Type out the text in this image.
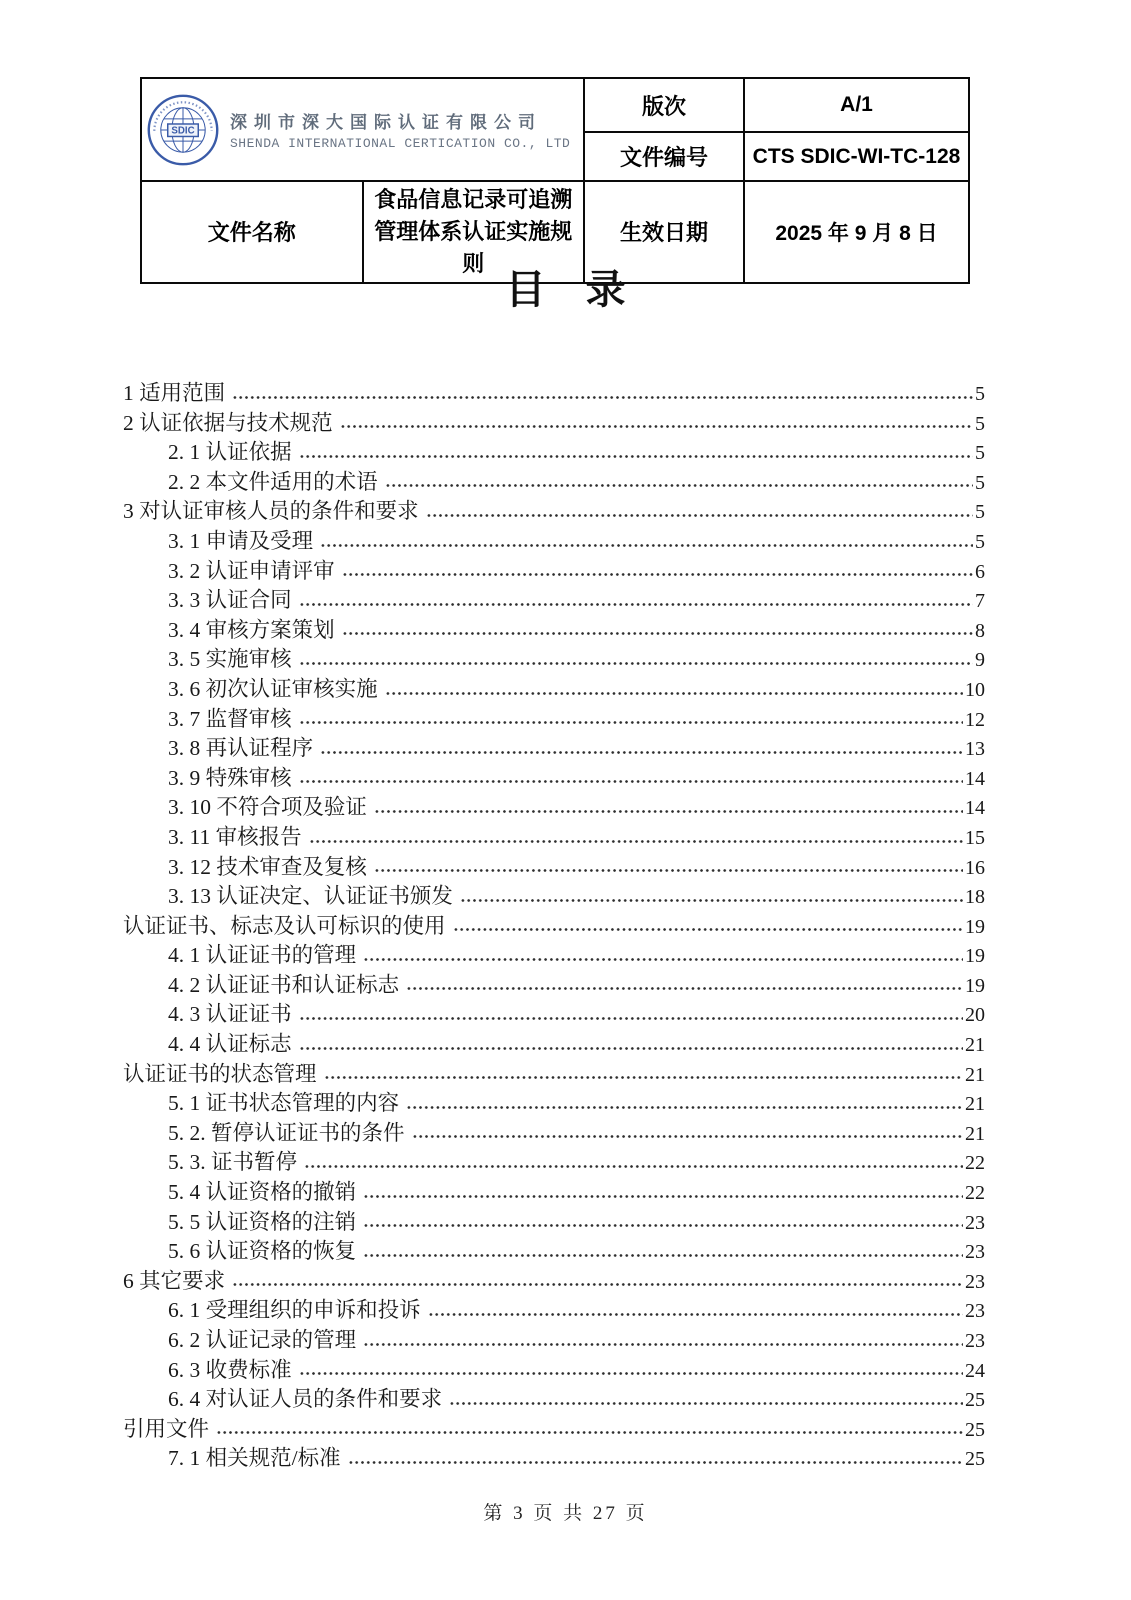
SDIC 深圳市深大国际认证有限公司
SHENDA INTERNATIONAL CERTICATION CO., LTD		版次	A/1
		文件编号	CTS SDIC-WI-TC-128
文件名称	食品信息记录可追溯管理体系认证实施规则	生效日期	2025 年 9 月 8 日
目　录
1 适用范围	5
2 认证依据与技术规范	5
2. 1 认证依据	5
2. 2 本文件适用的术语	5
3 对认证审核人员的条件和要求	5
3. 1 申请及受理	5
3. 2 认证申请评审	6
3. 3 认证合同	7
3. 4 审核方案策划	8
3. 5 实施审核	9
3. 6 初次认证审核实施	10
3. 7 监督审核	12
3. 8 再认证程序	13
3. 9 特殊审核	14
3. 10 不符合项及验证	14
3. 11 审核报告	15
3. 12 技术审查及复核	16
3. 13 认证决定、认证证书颁发	18
认证证书、标志及认可标识的使用	19
4. 1 认证证书的管理	19
4. 2 认证证书和认证标志	19
4. 3 认证证书	20
4. 4 认证标志	21
认证证书的状态管理	21
5. 1 证书状态管理的内容	21
5. 2. 暂停认证证书的条件	21
5. 3. 证书暂停	22
5. 4 认证资格的撤销	22
5. 5 认证资格的注销	23
5. 6 认证资格的恢复	23
6 其它要求	23
6. 1 受理组织的申诉和投诉	23
6. 2 认证记录的管理	23
6. 3 收费标准	24
6. 4 对认证人员的条件和要求	25
引用文件	25
7. 1 相关规范/标准	25
第 3 页 共 27 页
